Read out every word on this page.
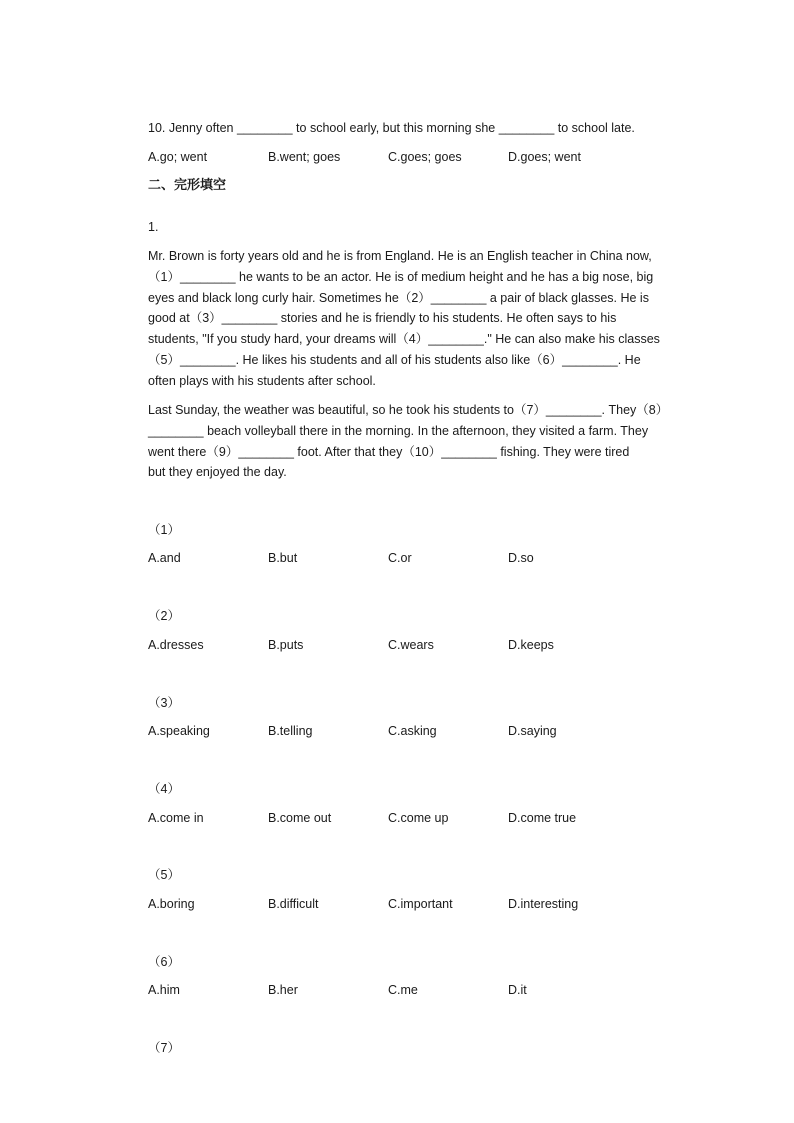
10. Jenny often ________ to school early, but this morning she ________ to school late.
A.go; went	B.went; goes	C.goes; goes	D.goes; went
二、完形填空
1.
Mr. Brown is forty years old and he is from England. He is an English teacher in China now,
（1）________ he wants to be an actor. He is of medium height and he has a big nose, big
eyes and black long curly hair. Sometimes he（2）________ a pair of black glasses. He is
good at（3）________ stories and he is friendly to his students. He often says to his
students, "If you study hard, your dreams will（4）________." He can also make his classes
（5）________. He likes his students and all of his students also like（6）________. He
often plays with his students after school.
Last Sunday, the weather was beautiful, so he took his students to（7）________. They（8）
________ beach volleyball there in the morning. In the afternoon, they visited a farm. They
went there（9）________ foot. After that they（10）________ fishing. They were tired
but they enjoyed the day.
（1）
A.and	B.but	C.or	D.so
（2）
A.dresses	B.puts	C.wears	D.keeps
（3）
A.speaking	B.telling	C.asking	D.saying
（4）
A.come in	B.come out	C.come up	D.come true
（5）
A.boring	B.difficult	C.important	D.interesting
（6）
A.him	B.her	C.me	D.it
（7）
